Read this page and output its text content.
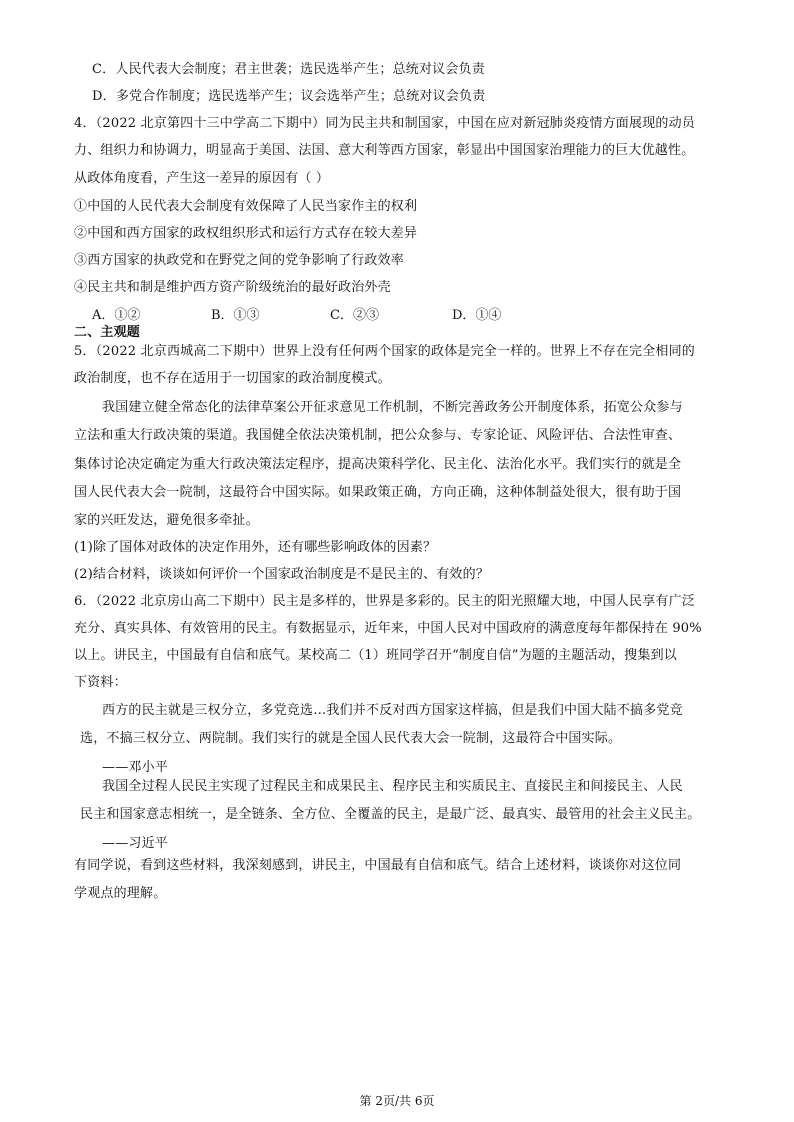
C．人民代表大会制度；君主世袭；选民选举产生；总统对议会负责
D．多党合作制度；选民选举产生；议会选举产生；总统对议会负责
4．（2022 北京第四十三中学高二下期中）同为民主共和制国家，中国在应对新冠肺炎疫情方面展现的动员
力、组织力和协调力，明显高于美国、法国、意大利等西方国家，彰显出中国国家治理能力的巨大优越性。
从政体角度看，产生这一差异的原因有（ ）
①中国的人民代表大会制度有效保障了人民当家作主的权利
②中国和西方国家的政权组织形式和运行方式存在较大差异
③西方国家的执政党和在野党之间的党争影响了行政效率
④民主共和制是维护西方资产阶级统治的最好政治外壳
A．①②	B．①③	C．②③	D．①④
二、主观题
5．（2022 北京西城高二下期中）世界上没有任何两个国家的政体是完全一样的。世界上不存在完全相同的
政治制度，也不存在适用于一切国家的政治制度模式。
我国建立健全常态化的法律草案公开征求意见工作机制，不断完善政务公开制度体系，拓宽公众参与
立法和重大行政决策的渠道。我国健全依法决策机制，把公众参与、专家论证、风险评估、合法性审查、
集体讨论决定确定为重大行政决策法定程序，提高决策科学化、民主化、法治化水平。我们实行的就是全
国人民代表大会一院制，这最符合中国实际。如果政策正确，方向正确，这种体制益处很大，很有助于国
家的兴旺发达，避免很多牵扯。
(1)除了国体对政体的决定作用外，还有哪些影响政体的因素？
(2)结合材料，谈谈如何评价一个国家政治制度是不是民主的、有效的？
6．（2022 北京房山高二下期中）民主是多样的，世界是多彩的。民主的阳光照耀大地，中国人民享有广泛
充分、真实具体、有效管用的民主。有数据显示，近年来，中国人民对中国政府的满意度每年都保持在 90%
以上。讲民主，中国最有自信和底气。某校高二（1）班同学召开“制度自信”为题的主题活动，搜集到以
下资料：
西方的民主就是三权分立，多党竞选…我们并不反对西方国家这样搞，但是我们中国大陆不搞多党竞
选，不搞三权分立、两院制。我们实行的就是全国人民代表大会一院制，这最符合中国实际。
——邓小平
我国全过程人民民主实现了过程民主和成果民主、程序民主和实质民主、直接民主和间接民主、人民
民主和国家意志相统一，是全链条、全方位、全覆盖的民主，是最广泛、最真实、最管用的社会主义民主。
——习近平
有同学说，看到这些材料，我深刻感到，讲民主，中国最有自信和底气。结合上述材料，谈谈你对这位同
学观点的理解。
第 2页/共 6页
